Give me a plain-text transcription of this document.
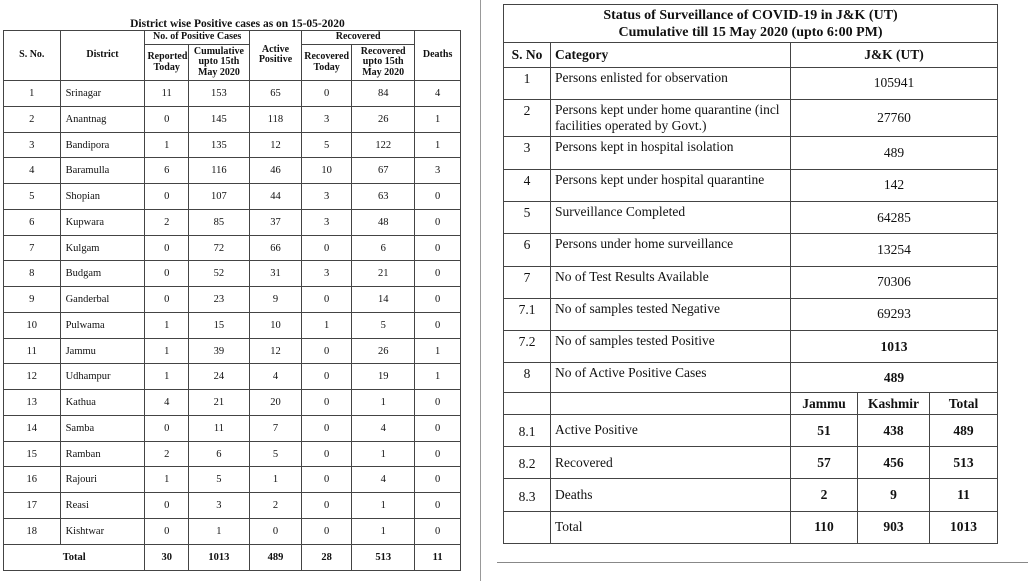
	District wise Positive cases as on 15-05-2020						
S. No.	District	No. of Positive Cases		Active Positive	Recovered		Deaths
		Reported Today	Cumulative upto 15th May 2020		Recovered Today	Recovered upto 15th May 2020	
1	Srinagar	11	153	65	0	84	4
2	Anantnag	0	145	118	3	26	1
3	Bandipora	1	135	12	5	122	1
4	Baramulla	6	116	46	10	67	3
5	Shopian	0	107	44	3	63	0
6	Kupwara	2	85	37	3	48	0
7	Kulgam	0	72	66	0	6	0
8	Budgam	0	52	31	3	21	0
9	Ganderbal	0	23	9	0	14	0
10	Pulwama	1	15	10	1	5	0
11	Jammu	1	39	12	0	26	1
12	Udhampur	1	24	4	0	19	1
13	Kathua	4	21	20	0	1	0
14	Samba	0	11	7	0	4	0
15	Ramban	2	6	5	0	1	0
16	Rajouri	1	5	1	0	4	0
17	Reasi	0	3	2	0	1	0
18	Kishtwar	0	1	0	0	1	0
Total		30	1013	489	28	513	11
Status of Surveillance of COVID-19 in J&K (UT)
Cumulative till 15 May 2020 (upto 6:00 PM)				

S. No	Category	J&K (UT)		
1	Persons enlisted for observation	105941		
2	Persons kept under home quarantine (incl facilities operated by Govt.)	27760		
3	Persons kept in hospital isolation	489		
4	Persons kept under hospital quarantine	142		
5	Surveillance Completed	64285		
6	Persons under home surveillance	13254		
7	No of Test Results Available	70306		
7.1	No of samples tested Negative	69293		
7.2	No of samples tested Positive	1013		
8	No of Active Positive Cases	489		
		Jammu	Kashmir	Total
8.1	Active Positive	51	438	489
8.2	Recovered	57	456	513
8.3	Deaths	2	9	11
	Total	110	903	1013
